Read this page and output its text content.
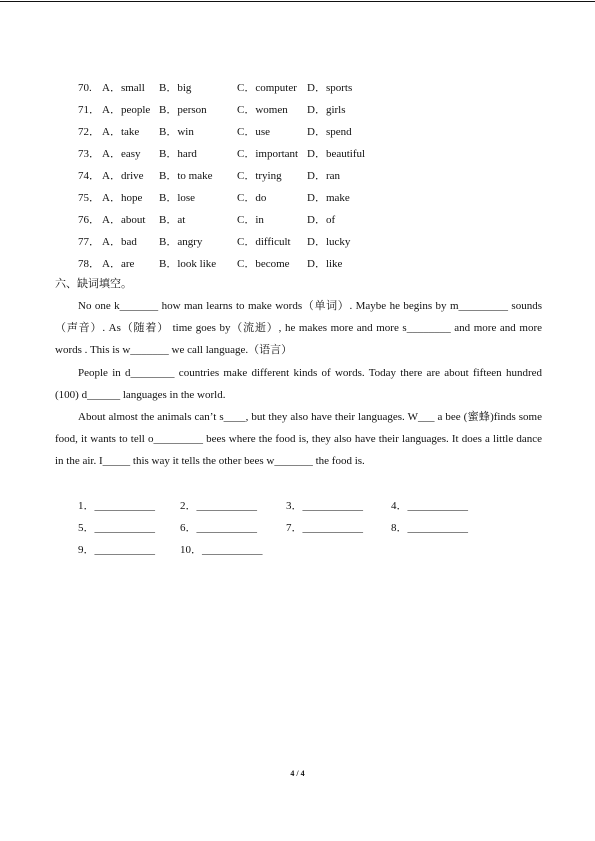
70. A．small B．big	C．computer D．sports
71． A．people B．person	C．women D．girls
72． A．take B．win	C．use	D．spend
73． A．easy B．hard	C．important D．beautiful
74． A．drive B．to make C．trying D．ran
75． A．hope B．lose	C．do	D．make
76． A．about B．at	C．in	D．of
77． A．bad B．angry	C．difficult D．lucky
78． A．are B．look like C．become D．like
六、缺词填空。

No one k_______ how man learns to make words（单词）. Maybe he begins by m_________ sounds（声音）. As（随着） time goes by（流逝）, he makes more and more s________ and more and more words . This is w_______ we call language.（语言）

People in d________ countries make different kinds of words. Today there are about fifteen hundred (100) d______ languages in the world.

About almost the animals can’t s____, but they also have their languages. W___ a bee (蜜蜂)finds some food, it wants to tell o_________ bees where the food is, they also have their languages. It does a little dance in the air. I_____ this way it tells the other bees w_______ the food is.

1．___________ 2．___________	3．___________	4．___________
5．___________ 6．___________	7．___________	8．___________
9．___________ 10．___________
4 / 4
